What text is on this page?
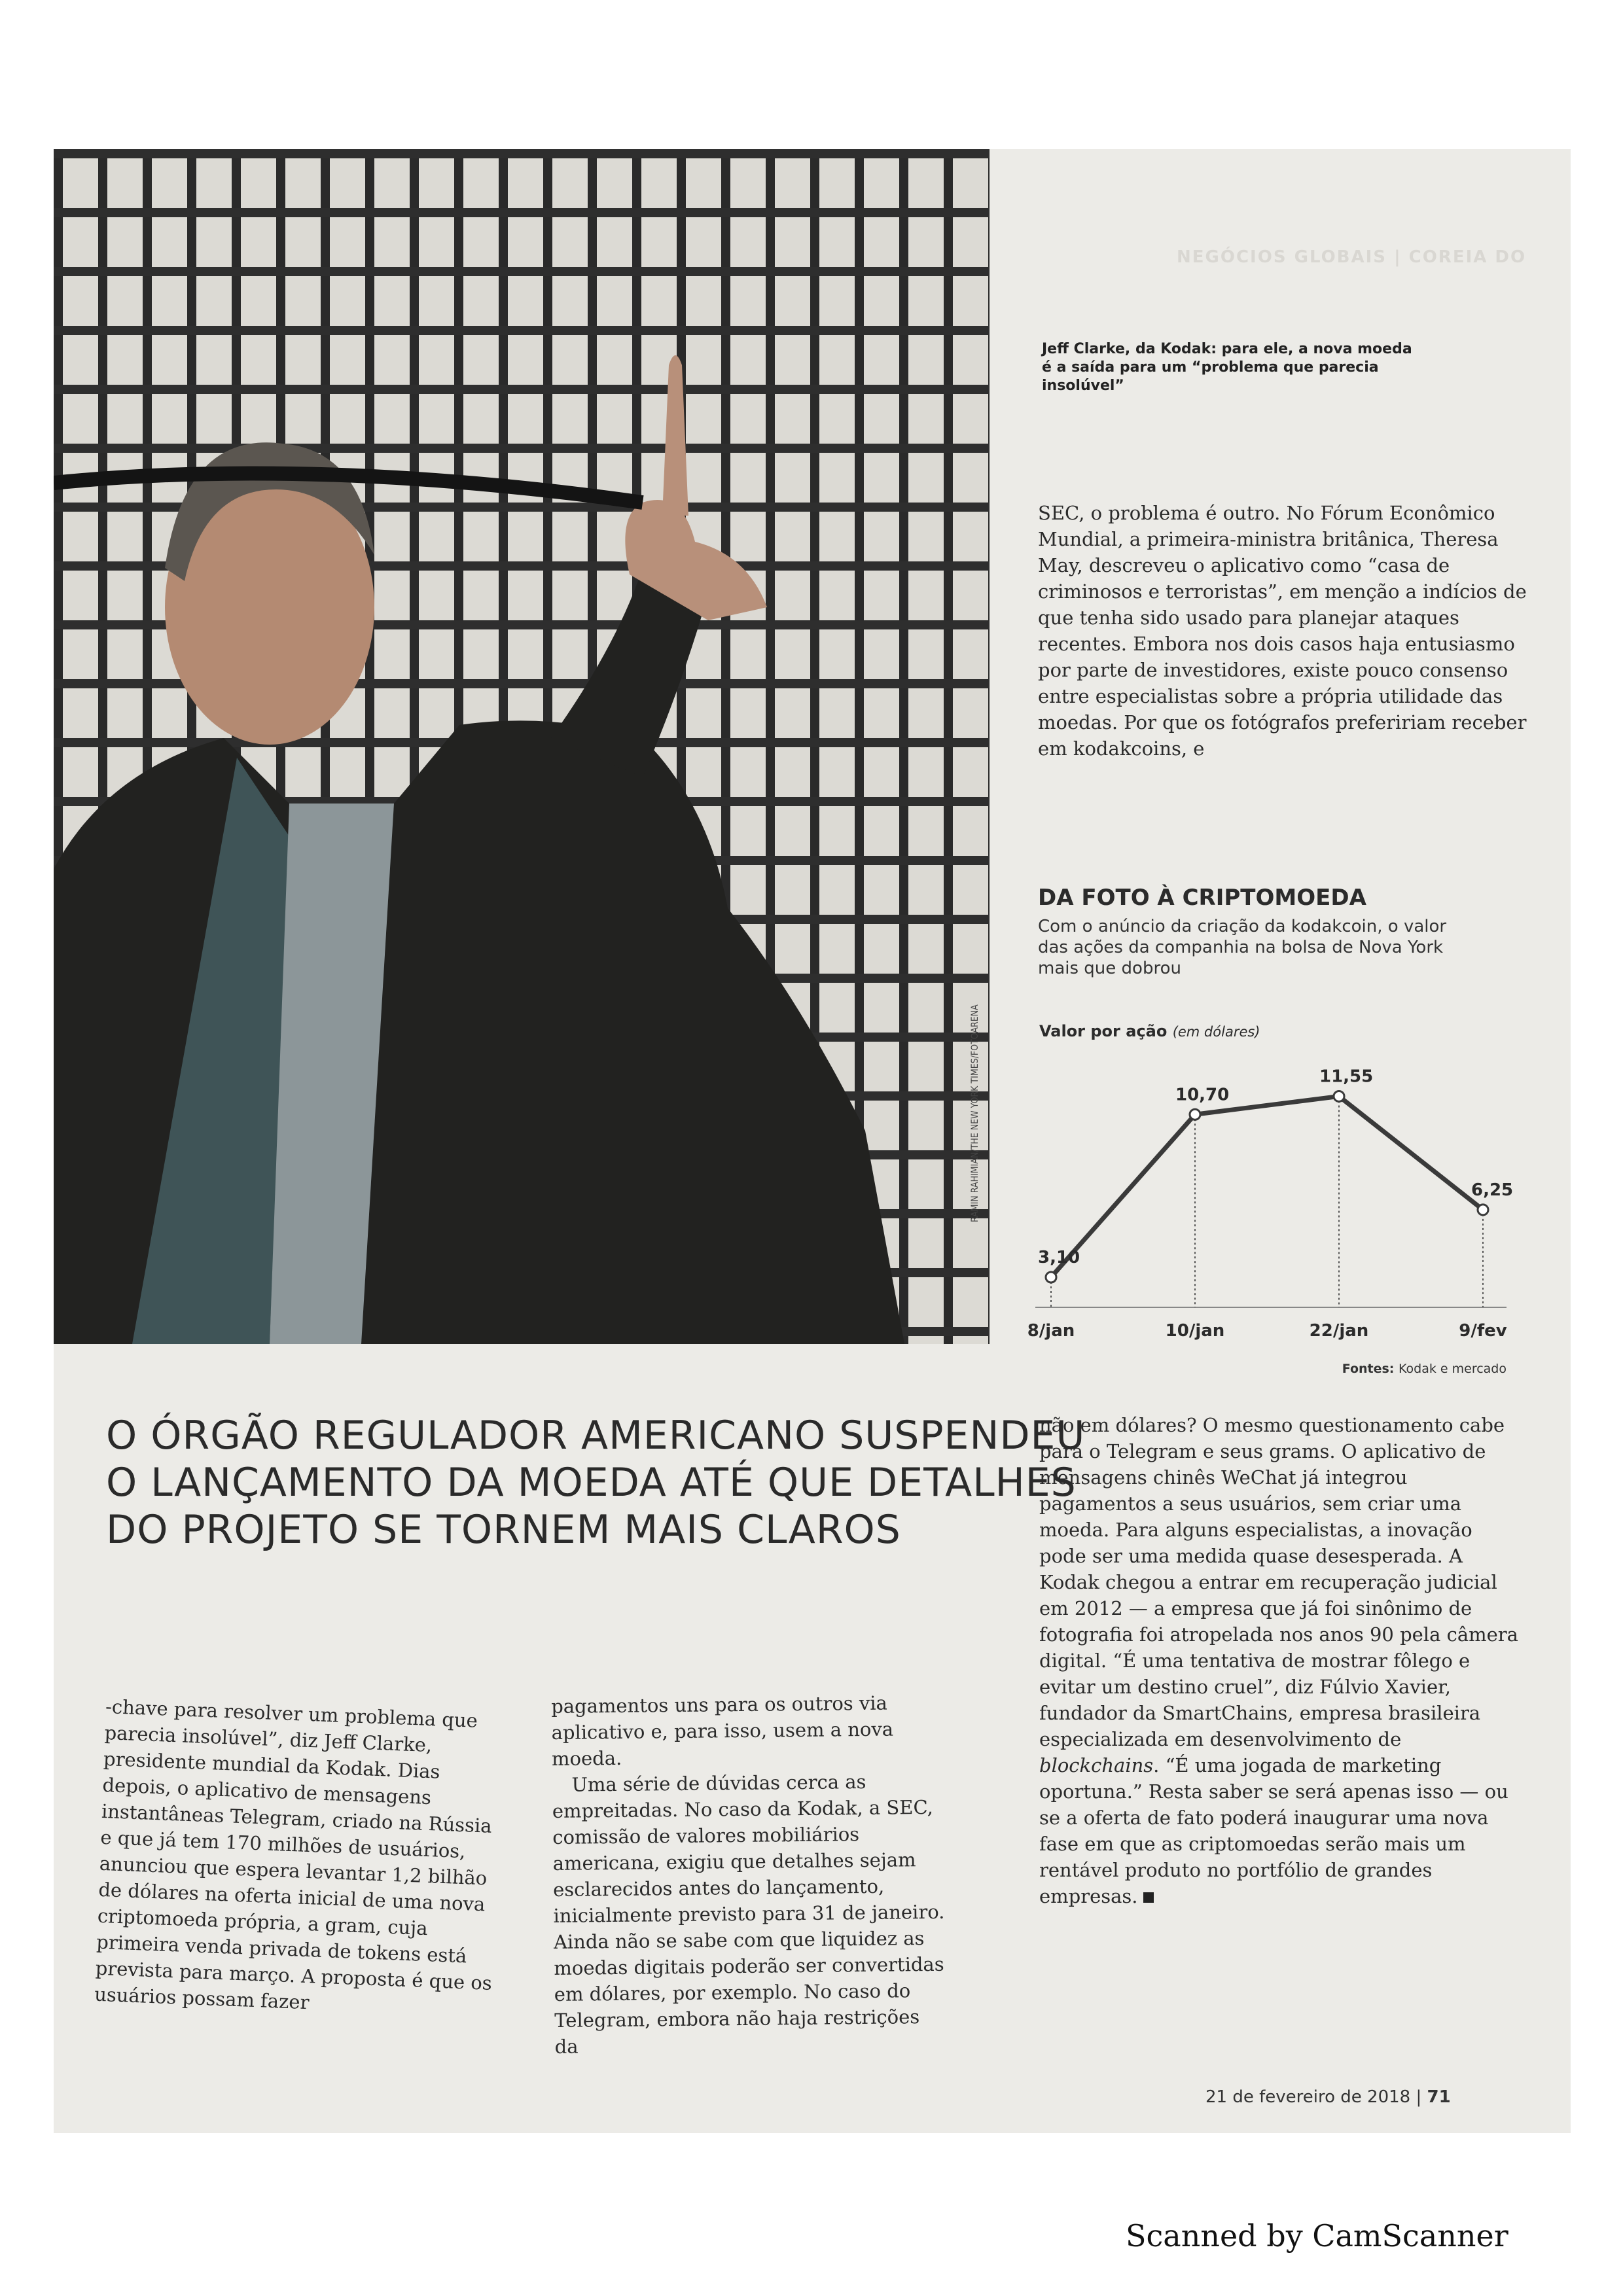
NEGÓCIOS GLOBAIS | COREIA DO
Jeff Clarke, da Kodak: para ele, a nova moeda é a saída para um “problema que parecia insolúvel”

SEC, o problema é outro. No Fórum Econômico Mundial, a primeira-ministra britânica, Theresa May, descreveu o aplicativo como “casa de criminosos e terroristas”, em menção a indícios de que tenha sido usado para planejar ataques recentes. Embora nos dois casos haja entusiasmo por parte de investidores, existe pouco consenso entre especialistas sobre a própria utilidade das moedas. Por que os fotógrafos prefeririam receber em kodakcoins, e

DA FOTO À CRIPTOMOEDA
Com o anúncio da criação da kodakcoin, o valor das ações da companhia na bolsa de Nova York mais que dobrou
Valor por ação (em dólares)
3,10
8/jan
10,70
10/jan
11,55
22/jan
6,25
9/fev
Fontes: Kodak e mercado
O ÓRGÃO REGULADOR AMERICANO SUSPENDEU O LANÇAMENTO DA MOEDA ATÉ QUE DETALHES DO PROJETO SE TORNEM MAIS CLAROS

não em dólares? O mesmo questionamento cabe para o Telegram e seus grams. O aplicativo de mensagens chinês WeChat já integrou pagamentos a seus usuários, sem criar uma moeda. Para alguns especialistas, a inovação pode ser uma medida quase desesperada. A Kodak chegou a entrar em recuperação judicial em 2012 — a empresa que já foi sinônimo de fotografia foi atropelada nos anos 90 pela câmera digital. “É uma tentativa de mostrar fôlego e evitar um destino cruel”, diz Fúlvio Xavier, fundador da SmartChains, empresa brasileira especializada em desenvolvimento de blockchains. “É uma jogada de marketing oportuna.” Resta saber se será apenas isso — ou se a oferta de fato poderá inaugurar uma nova fase em que as criptomoedas serão mais um rentável produto no portfólio de grandes empresas.

-chave para resolver um problema que parecia insolúvel”, diz Jeff Clarke, presidente mundial da Kodak. Dias depois, o aplicativo de mensagens instantâneas Telegram, criado na Rússia e que já tem 170 milhões de usuários, anunciou que espera levantar 1,2 bilhão de dólares na oferta inicial de uma nova criptomoeda própria, a gram, cuja primeira venda privada de tokens está prevista para março. A proposta é que os usuários possam fazer

pagamentos uns para os outros via aplicativo e, para isso, usem a nova moeda.

Uma série de dúvidas cerca as empreitadas. No caso da Kodak, a SEC, comissão de valores mobiliários americana, exigiu que detalhes sejam esclarecidos antes do lançamento, inicialmente previsto para 31 de janeiro. Ainda não se sabe com que liquidez as moedas digitais poderão ser convertidas em dólares, por exemplo. No caso do Telegram, embora não haja restrições da

21 de fevereiro de 2018 | 71
Scanned by CamScanner
